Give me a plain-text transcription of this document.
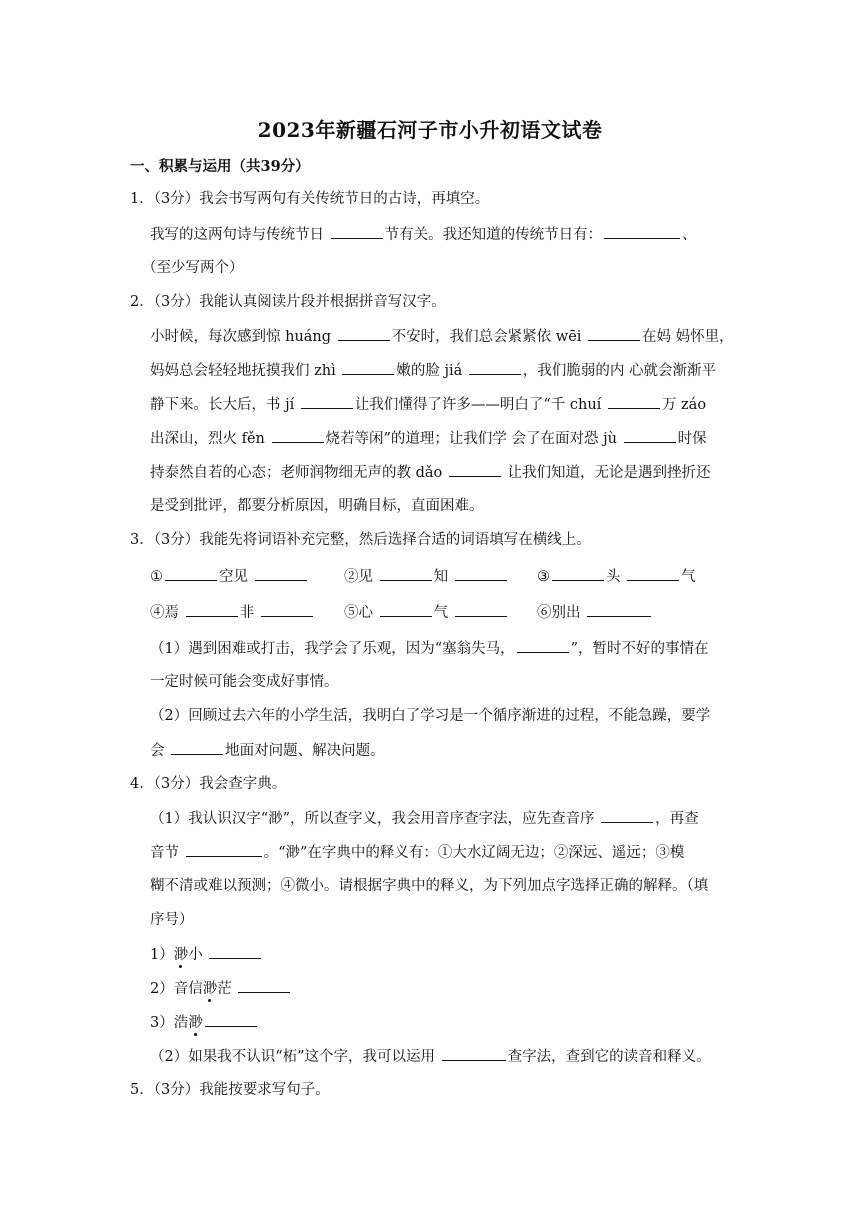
2023年新疆石河子市小升初语文试卷
一、积累与运用（共39分）
1．（3分）我会书写两句有关传统节日的古诗，再填空。
我写的这两句诗与传统节日	节有关。我还知道的传统节日有：	、
（至少写两个）
2．（3分）我能认真阅读片段并根据拼音写汉字。
小时候，每次感到惊 huáng	不安时，我们总会紧紧依 wēi	在妈 妈怀里，
妈妈总会轻轻地抚摸我们 zhì	嫩的脸 jiá	，我们脆弱的内 心就会渐渐平
静下来。长大后，书 jí	让我们懂得了许多——明白了“千 chuí	万 záo
出深山，烈火 fěn	烧若等闲”的道理；让我们学 会了在面对恐 jù	时保
持泰然自若的心态；老师润物细无声的教 dǎo	让我们知道，无论是遇到挫折还
是受到批评，都要分析原因，明确目标，直面困难。
3．（3分）我能先将词语补充完整，然后选择合适的词语填写在横线上。
①	空见	②见	知	③	头	气
④焉	非	⑤心	气	⑥别出
（1）遇到困难或打击，我学会了乐观，因为“塞翁失马，	”，暂时不好的事情在
一定时候可能会变成好事情。
（2）回顾过去六年的小学生活，我明白了学习是一个循序渐进的过程，不能急躁，要学
会	地面对问题、解决问题。
4．（3分）我会查字典。
（1）我认识汉字“渺”，所以查字义，我会用音序查字法，应先查音序	，再查
音节	。“渺”在字典中的释义有：①大水辽阔无边；②深远、遥远；③模
糊不清或难以预测；④微小。请根据字典中的释义，为下列加点字选择正确的解释。（填
序号）
1）渺小
2）音信渺茫
3）浩渺
（2）如果我不认识“柘”这个字，我可以运用	查字法，查到它的读音和释义。
5．（3分）我能按要求写句子。
